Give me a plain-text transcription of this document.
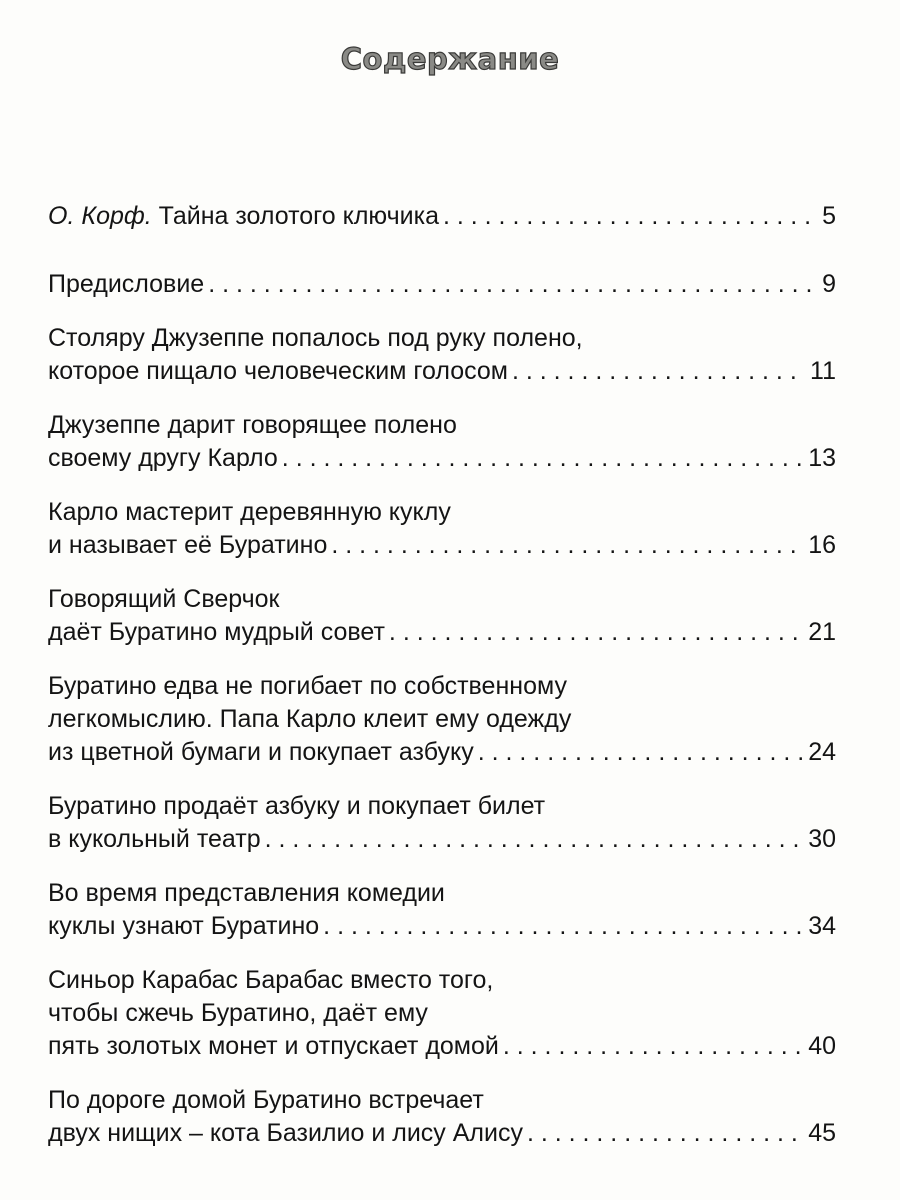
Содержание
О. Корф. Тайна золотого ключика . . .	5
Предисловие . . .	9
Столяру Джузеппе попалось под руку полено,
которое пищало человеческим голосом . . .	11
Джузеппе дарит говорящее полено
своему другу Карло . . .	13
Карло мастерит деревянную куклу
и называет её Буратино . . .	16
Говорящий Сверчок
даёт Буратино мудрый совет . . .	21
Буратино едва не погибает по собственному
легкомыслию. Папа Карло клеит ему одежду
из цветной бумаги и покупает азбуку . . .	24
Буратино продаёт азбуку и покупает билет
в кукольный театр . . .	30
Во время представления комедии
куклы узнают Буратино . . .	34
Синьор Карабас Барабас вместо того,
чтобы сжечь Буратино, даёт ему
пять золотых монет и отпускает домой . . .	40
По дороге домой Буратино встречает
двух нищих – кота Базилио и лису Алису . . .	45
